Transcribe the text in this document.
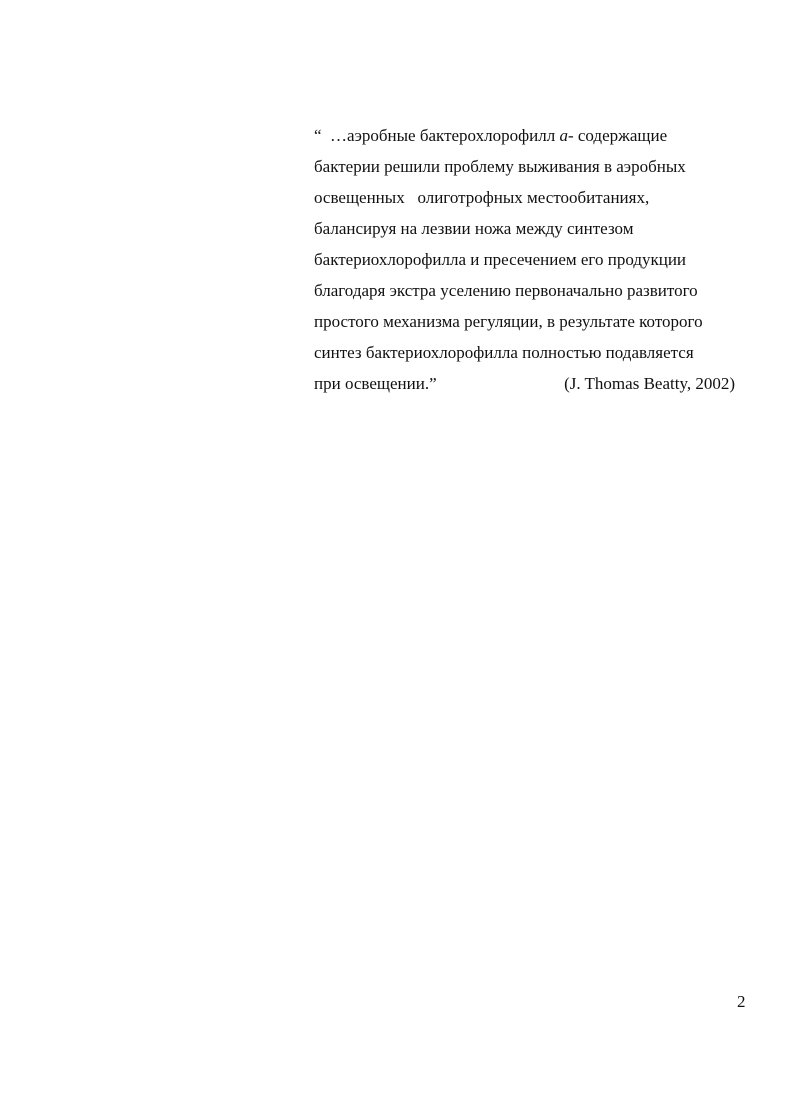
“  …аэробные бактерохлорофилл а- содержащие
бактерии решили проблему выживания в аэробных
освещенных   олиготрофных местообитаниях,
балансируя на лезвии ножа между синтезом
бактериохлорофилла и пресечением его продукции
благодаря экстра уселению первоначально развитого
простого механизма регуляции, в результате которого
синтез бактериохлорофилла полностью подавляется
при освещении.”	(J. Thomas Beatty, 2002)
2
